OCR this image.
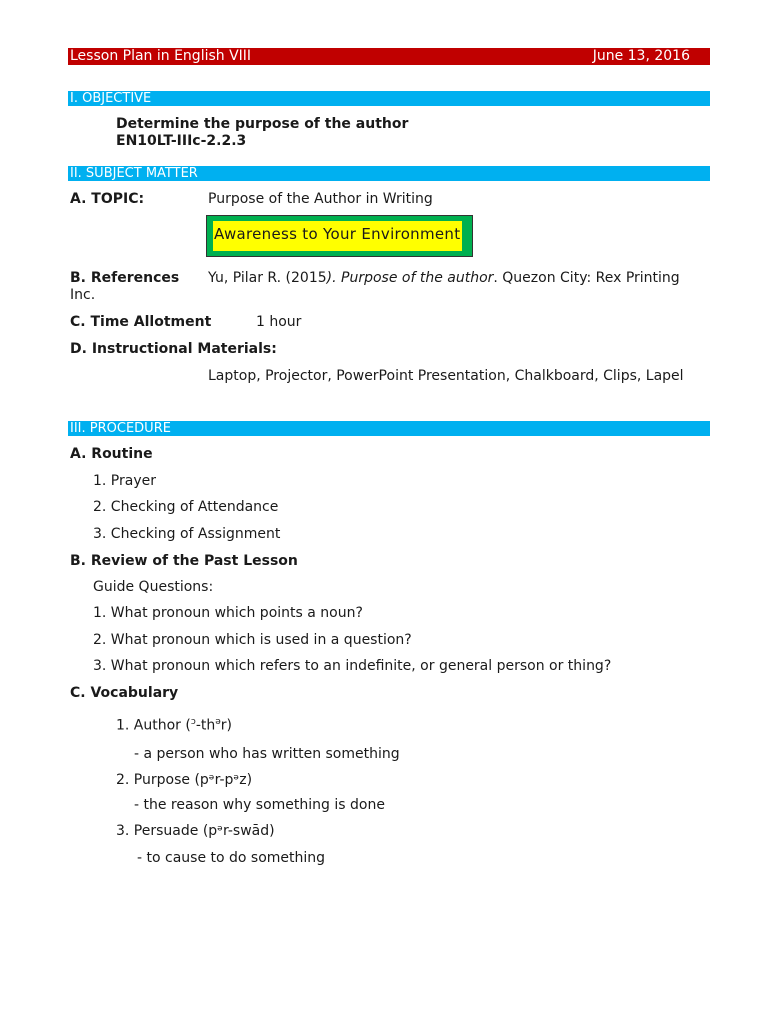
Lesson Plan in English VIII	June 13, 2016
I. OBJECTIVE
Determine the purpose of the author
EN10LT-IIIc-2.2.3
II. SUBJECT MATTER
A. TOPIC:	Purpose of the Author in Writing
Awareness to Your Environment
B. References Yu, Pilar R. (2015). Purpose of the author. Quezon City: Rex Printing
Inc.
C. Time Allotment	1 hour
D. Instructional Materials:
Laptop, Projector, PowerPoint Presentation, Chalkboard, Clips, Lapel
III. PROCEDURE
A. Routine
1. Prayer
2. Checking of Attendance
3. Checking of Assignment
B. Review of the Past Lesson
Guide Questions:
1. What pronoun which points a noun?
2. What pronoun which is used in a question?
3. What pronoun which refers to an indefinite, or general person or thing?
C. Vocabulary
1. Author $(^ɔ-th^ər)$
- a person who has written something
2. Purpose (pᵊr-pᵊz)
- the reason why something is done
3. Persuade (pᵊr-swād)
- to cause to do something
